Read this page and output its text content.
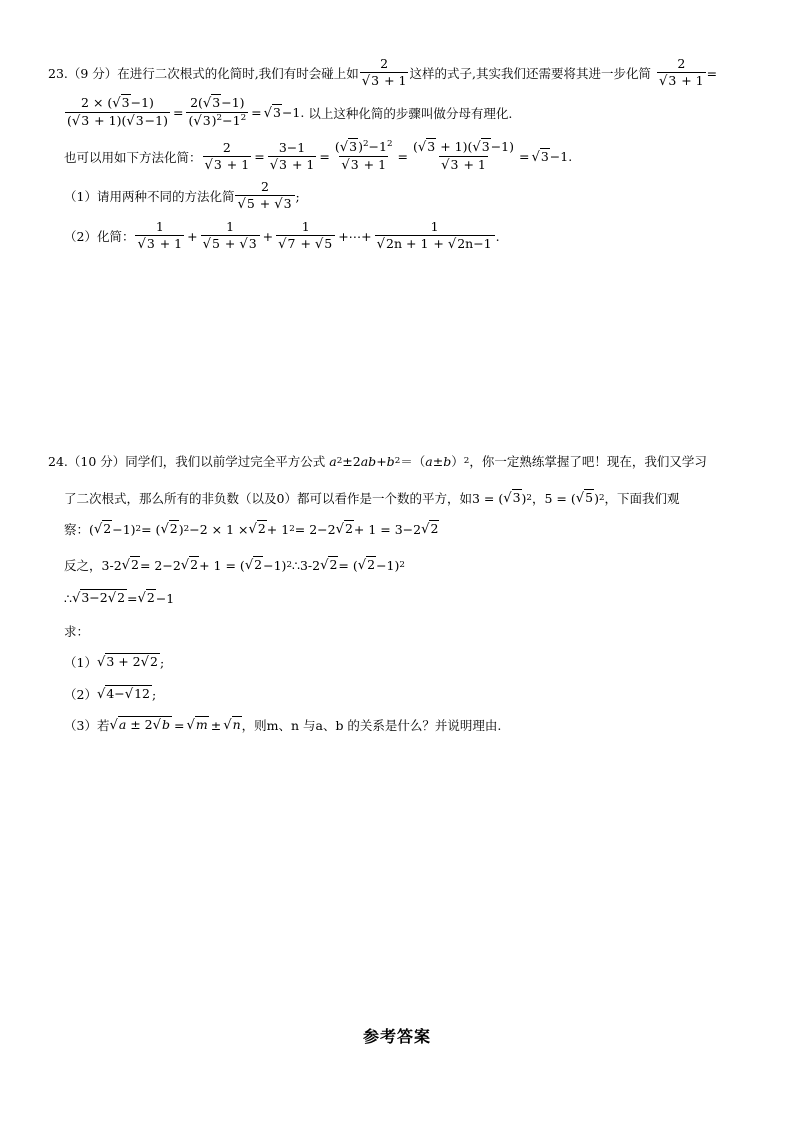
23.（9 分）在进行二次根式的化简时,我们有时会碰上如 $\frac{2}{√3 + 1}$ 这样的式子,其实我们还需要将其进一步化简 $\frac{2}{√3 + 1}$ =
$\frac{2 \times (√3-1)}{(√3 + 1)(√3-1)} = \frac{2(√3-1)}{(√3)^2-1^2} = √3 -1$. 以上这种化简的步骤叫做分母有理化.
也可以用如下方法化简： $\frac{2}{√3 + 1} = \frac{3-1}{√3 + 1} = \frac{(√3)^2-1^2}{√3 + 1} = \frac{(√3 + 1)(√3-1)}{√3 + 1} = √3 -1$.
（1）请用两种不同的方法化简 $\frac{2}{√5 + √3}$ ;
（2）化简： $\frac{1}{√3 + 1} + \frac{1}{√5 + √3} + \frac{1}{√7 + √5}$ +⋯+ $\frac{1}{√2n + 1 + √2n-1}$ .
24.（10 分）同学们，我们以前学过完全平方公式 a 2 ±2 ab + b 2 ＝（ a ± b ） 2 ，你一定熟练掌握了吧！现在，我们又学习
了二次根式，那么所有的非负数（以及0）都可以看作是一个数的平方，如 3 = ( √3 ) 2 ，5 = ( √5 ) 2 ，下面我们观
察： ( √2 −1) 2 = ( √2 ) 2 −2 × 1 × √2 + 1 2 = 2−2 √2 + 1 = 3−2 √2
反之， 3-2 √2 = 2−2 √2 + 1 = ( √2 −1) 2 ∴3-2 √2 = ( √2 −1) 2
∴ √3−2√2 = √2 −1
求：
（1） √3 + 2√2 ;
（2） √4−√12 ;
（3）若 √a ± 2√b = √m ± √n ，则m、n 与a、b 的关系是什么？并说明理由.
参考答案
